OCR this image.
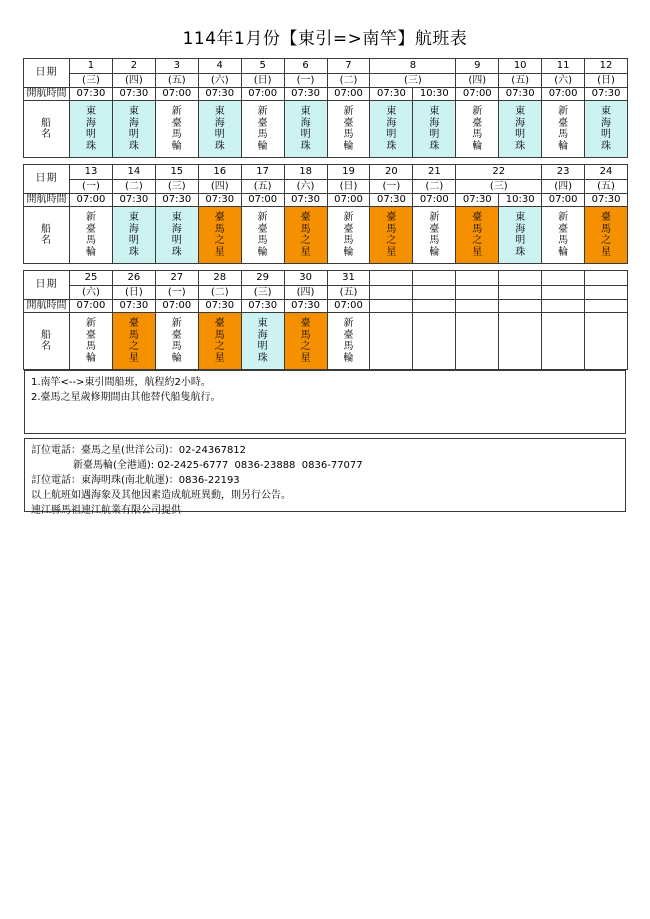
114年1月份【東引=>南竿】航班表
日期	1	2	3	4	5	6	7	8		9	10	11	12
	(三)	(四)	(五)	(六)	(日)	(一)	(二)	(三)		(四)	(五)	(六)	(日)
開航時間	07:30	07:30	07:00	07:30	07:00	07:30	07:00	07:30	10:30	07:00	07:30	07:00	07:30

船
名	東
海
明
珠	東
海
明
珠	新
臺
馬
輪	東
海
明
珠	新
臺
馬
輪	東
海
明
珠	新
臺
馬
輪	東
海
明
珠	東
海
明
珠	新
臺
馬
輪	東
海
明
珠	新
臺
馬
輪	東
海
明
珠
日期	13	14	15	16	17	18	19	20	21	22		23	24
	(一)	(二)	(三)	(四)	(五)	(六)	(日)	(一)	(二)	(三)		(四)	(五)
開航時間	07:00	07:30	07:30	07:30	07:00	07:30	07:00	07:30	07:00	07:30	10:30	07:00	07:30

船
名	新
臺
馬
輪	東
海
明
珠	東
海
明
珠	臺
馬
之
星	新
臺
馬
輪	臺
馬
之
星	新
臺
馬
輪	臺
馬
之
星	新
臺
馬
輪	臺
馬
之
星	東
海
明
珠	新
臺
馬
輪	臺
馬
之
星
日期	25	26	27	28	29	30	31						
	(六)	(日)	(一)	(二)	(三)	(四)	(五)						
開航時間	07:00	07:30	07:00	07:30	07:30	07:30	07:00						

船
名	新
臺
馬
輪	臺
馬
之
星	新
臺
馬
輪	臺
馬
之
星	東
海
明
珠	臺
馬
之
星	新
臺
馬
輪						

1.南竿<-->東引間船班，航程約2小時。

2.臺馬之星歲修期間由其他替代船隻航行。

訂位電話：臺馬之星(世洋公司)：02-24367812

新臺馬輪(全港通): 02-2425-6777  0836-23888  0836-77077

訂位電話：東海明珠(南北航運)：0836-22193

以上航班如遇海象及其他因素造成航班異動，則另行公告。

連江縣馬祖連江航業有限公司提供
